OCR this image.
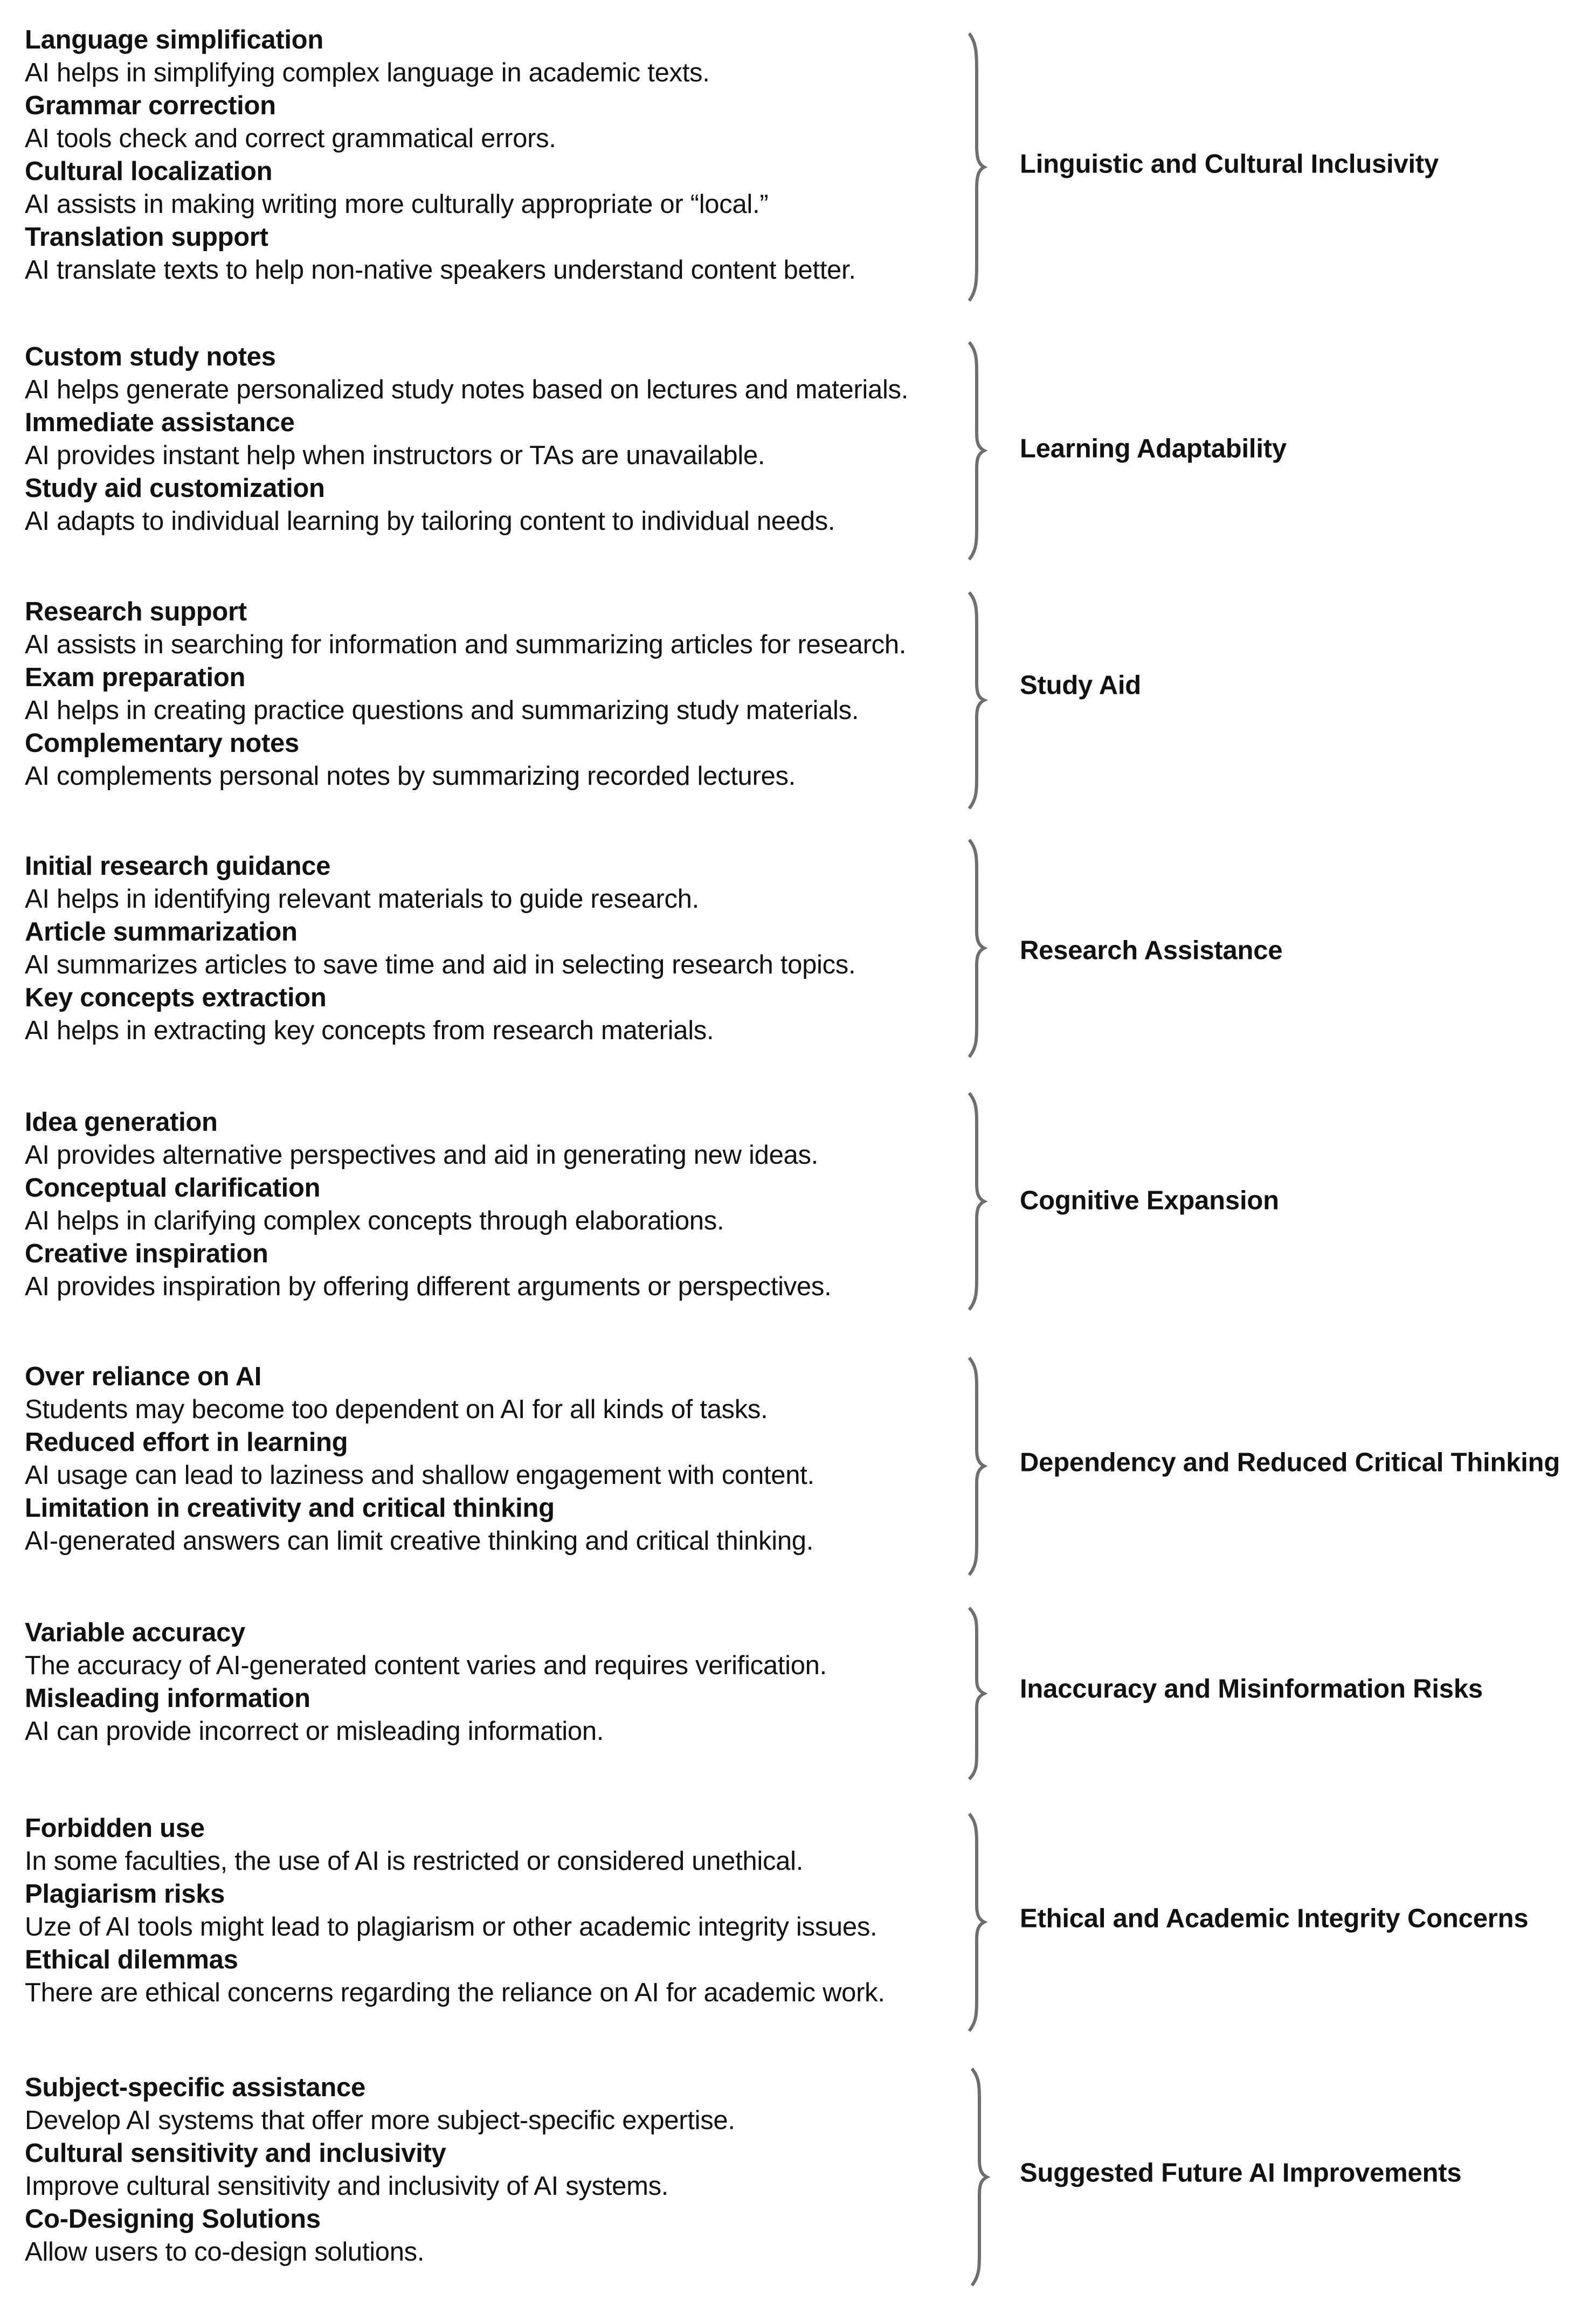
Language simplification
AI helps in simplifying complex language in academic texts.
Grammar correction
AI tools check and correct grammatical errors.
Cultural localization
AI assists in making writing more culturally appropriate or “local.”
Translation support
AI translate texts to help non-native speakers understand content better.
Linguistic and Cultural Inclusivity
Custom study notes
AI helps generate personalized study notes based on lectures and materials.
Immediate assistance
AI provides instant help when instructors or TAs are unavailable.
Study aid customization
AI adapts to individual learning by tailoring content to individual needs.
Learning Adaptability
Research support
AI assists in searching for information and summarizing articles for research.
Exam preparation
AI helps in creating practice questions and summarizing study materials.
Complementary notes
AI complements personal notes by summarizing recorded lectures.
Study Aid
Initial research guidance
AI helps in identifying relevant materials to guide research.
Article summarization
AI summarizes articles to save time and aid in selecting research topics.
Key concepts extraction
AI helps in extracting key concepts from research materials.
Research Assistance
Idea generation
AI provides alternative perspectives and aid in generating new ideas.
Conceptual clarification
AI helps in clarifying complex concepts through elaborations.
Creative inspiration
AI provides inspiration by offering different arguments or perspectives.
Cognitive Expansion
Over reliance on AI
Students may become too dependent on AI for all kinds of tasks.
Reduced effort in learning
AI usage can lead to laziness and shallow engagement with content.
Limitation in creativity and critical thinking
AI-generated answers can limit creative thinking and critical thinking.
Dependency and Reduced Critical Thinking
Variable accuracy
The accuracy of AI-generated content varies and requires verification.
Misleading information
AI can provide incorrect or misleading information.
Inaccuracy and Misinformation Risks
Forbidden use
In some faculties, the use of AI is restricted or considered unethical.
Plagiarism risks
Uze of AI tools might lead to plagiarism or other academic integrity issues.
Ethical dilemmas
There are ethical concerns regarding the reliance on AI for academic work.
Ethical and Academic Integrity Concerns
Subject-specific assistance
Develop AI systems that offer more subject-specific expertise.
Cultural sensitivity and inclusivity
Improve cultural sensitivity and inclusivity of AI systems.
Co-Designing Solutions
Allow users to co-design solutions.
Suggested Future AI Improvements
